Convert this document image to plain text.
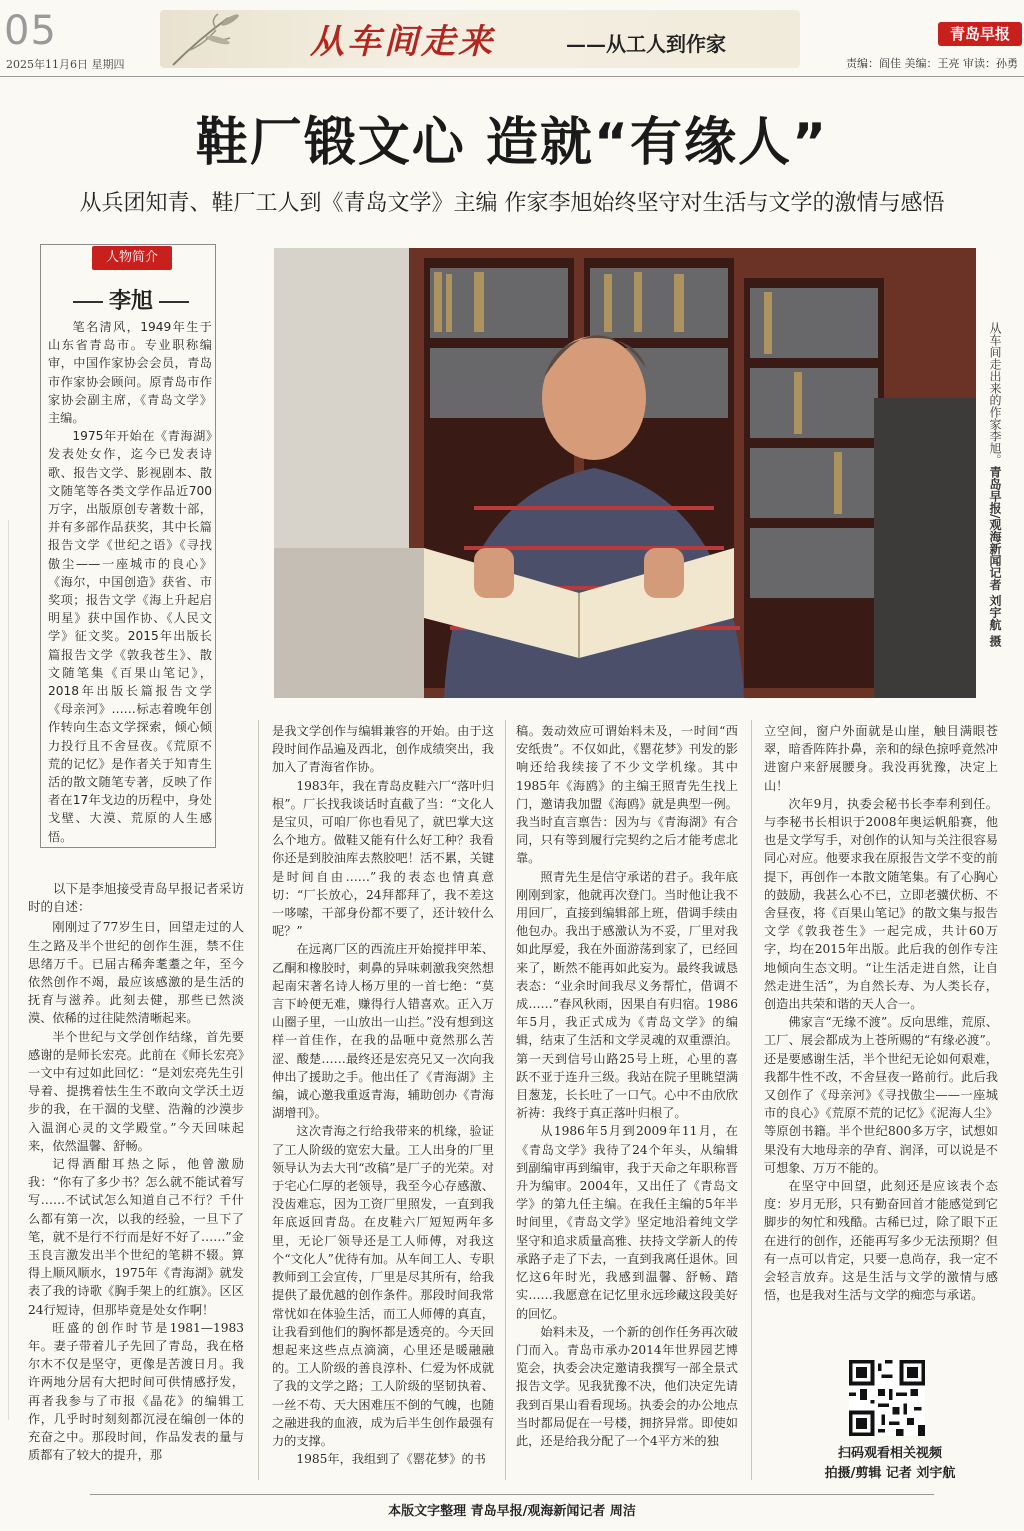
05
2025年11月6日 星期四
从车间走来	——从工人到作家	青岛早报
责编：阎佳 美编：王亮 审读：孙勇
鞋厂锻文心 造就“有缘人”
从兵团知青、鞋厂工人到《青岛文学》主编 作家李旭始终坚守对生活与文学的激情与感悟
人物简介
李旭

笔名清风，1949年生于山东省青岛市。专业职称编审，中国作家协会会员，青岛市作家协会顾问。原青岛市作家协会副主席，《青岛文学》主编。

1975年开始在《青海湖》发表处女作，迄今已发表诗歌、报告文学、影视剧本、散文随笔等各类文学作品近700万字，出版原创专著数十部，并有多部作品获奖，其中长篇报告文学《世纪之语》《寻找傲尘——一座城市的良心》《海尔，中国创造》获省、市奖项；报告文学《海上升起启明星》获中国作协、《人民文学》征文奖。2015年出版长篇报告文学《敦我苍生》、散文随笔集《百果山笔记》，2018年出版长篇报告文学《母亲河》……标志着晚年创作转向生态文学探索，倾心倾力投行且不舍昼夜。《荒原不荒的记忆》是作者关于知青生活的散文随笔专著，反映了作者在17年戈边的历程中，身处戈壁、大漠、荒原的人生感悟。

从车间走出来的作家李旭。青岛早报/观海新闻记者 刘宇航 摄

以下是李旭接受青岛早报记者采访时的自述：

刚刚过了77岁生日，回望走过的人生之路及半个世纪的创作生涯，禁不住思绪万千。已届古稀奔耄耋之年，至今依然创作不竭，最应该感激的是生活的抚育与滋养。此刻去健，那些已然淡漠、依稀的过往陡然清晰起来。

半个世纪与文学创作结缘，首先要感谢的是师长宏亮。此前在《师长宏亮》一文中有过如此回忆：“是刘宏亮先生引导着、提携着怯生生不敢向文学沃土迈步的我，在干涸的戈壁、浩瀚的沙漠步入温润心灵的文学殿堂。”今天回味起来，依然温馨、舒畅。

记得酒酣耳热之际，他曾激励我：“你有了多少书？怎么就不能试着写写……不试试怎么知道自己不行？千什么都有第一次，以我的经验，一旦下了笔，就不是行不行而是好不好了……”金玉良言激发出半个世纪的笔耕不辍。算得上顺风顺水，1975年《青海湖》就发表了我的诗歌《胸手架上的红旗》。区区24行短诗，但那毕竟是处女作啊！

旺盛的创作时节是1981—1983年。妻子带着儿子先回了青岛，我在格尔木不仅是坚守，更像是苦渡日月。我许两地分居有大把时间可供情感抒发，再者我参与了市报《晶花》的编辑工作，几乎时时刻刻都沉浸在编创一体的充奋之中。那段时间，作品发表的量与质都有了较大的提升，那

是我文学创作与编辑兼容的开始。由于这段时间作品遍及西北，创作成绩突出，我加入了青海省作协。

1983年，我在青岛皮鞋六厂“落叶归根”。厂长找我谈话时直截了当：“文化人是宝贝，可咱厂你也看见了，就巴掌大这么个地方。做鞋又能有什么好工种？我看你还是到胶油库去熬胶吧！活不累，关键是时间自由……”我的表态也情真意切：“厂长放心，24拜都拜了，我不差这一哆嗦，干部身份都不要了，还计较什么呢？”

在远离厂区的西流庄开始搅拌甲苯、乙酮和橡胶时，刺鼻的异味刺激我突然想起南宋著名诗人杨万里的一首七绝：“莫言下岭便无难，赚得行人错喜欢。正入万山圈子里，一山放出一山拦。”没有想到这样一首佳作，在我的品咂中竟然那么苦涩、酸楚……最终还是宏亮兄又一次向我伸出了援助之手。他出任了《青海湖》主编，诚心邀我重返青海，辅助创办《青海湖增刊》。

这次青海之行给我带来的机缘，验证了工人阶级的宽宏大量。工人出身的厂里领导认为去大刊“改稿”是厂子的光荣。对于宅心仁厚的老领导，我至今心存感激、没齿难忘，因为工资厂里照发，一直到我年底返回青岛。在皮鞋六厂短短两年多里，无论厂领导还是工人师傅，对我这个“文化人”优待有加。从车间工人、专职教师到工会宣传，厂里是尽其所有，给我提供了最优越的创作条件。那段时间我常常忧如在体验生活，而工人师傅的真直，让我看到他们的胸怀都是透亮的。今天回想起来这些点点滴滴，心里还是暖融融的。工人阶级的善良淳朴、仁爱为怀成就了我的文学之路；工人阶级的坚韧执着、一丝不苟、天大困难压不倒的气魄，也随之融进我的血液，成为后半生创作最强有力的支撑。

1985年，我组到了《罂花梦》的书

稿。轰动效应可谓始料未及，一时间“西安纸贵”。不仅如此，《罂花梦》刊发的影响还给我续接了不少文学机缘。其中1985年《海鸥》的主编王照青先生找上门，邀请我加盟《海鸥》就是典型一例。我当时直言禀告：因为与《青海湖》有合同，只有等到履行完契约之后才能考虑北靠。

照青先生是信守承诺的君子。我年底刚刚到家，他就再次登门。当时他让我不用回厂，直接到编辑部上班，借调手续由他包办。我出于感激认为不妥，厂里对我如此厚爱，我在外面游荡到家了，已经回来了，断然不能再如此妄为。最终我诚恳表态：“业余时间我尽义务帮忙，借调不成……”春风秋雨，因果自有归宿。1986年5月，我正式成为《青岛文学》的编辑，结束了生活和文学灵魂的双重漂泊。第一天到信号山路25号上班，心里的喜跃不亚于连升三级。我站在院子里眺望满目葱茏，长长吐了一口气。心中不由欣欣祈祷：我终于真正落叶归根了。

从1986年5月到2009年11月，在《青岛文学》我待了24个年头，从编辑到副编审再到编审，我于天命之年职称晋升为编审。2004年，又出任了《青岛文学》的第九任主编。在我任主编的5年半时间里，《青岛文学》坚定地沿着纯文学坚守和追求质量高雅、扶持文学新人的传承路子走了下去，一直到我离任退休。回忆这6年时光，我感到温馨、舒畅、踏实……我愿意在记忆里永远珍藏这段美好的回忆。

始料未及，一个新的创作任务再次破门而入。青岛市承办2014年世界园艺博览会，执委会决定邀请我撰写一部全景式报告文学。见我犹豫不决，他们决定先请我到百果山看看现场。执委会的办公地点当时都局促在一号楼，拥挤异常。即使如此，还是给我分配了一个4平方米的独

立空间，窗户外面就是山崖，触目满眼苍翠，暗香阵阵扑鼻，亲和的绿色掠呼竟然冲进窗户来舒展腰身。我没再犹豫，决定上山！

次年9月，执委会秘书长李奉利到任。与李秘书长相识于2008年奥运帆船赛，他也是文学写手，对创作的认知与关注很容易同心对应。他要求我在原报告文学不变的前提下，再创作一本散文随笔集。有了心胸心的鼓励，我甚么心不已，立即老骥伏枥、不舍昼夜，将《百果山笔记》的散文集与报告文学《敦我苍生》一起完成，共计60万字，均在2015年出版。此后我的创作专注地倾向生态文明。“让生活走进自然，让自然走进生活”，为自然长寿、为人类长存，创造出共荣和谐的天人合一。

佛家言“无缘不渡”。反向思维，荒原、工厂、展会都成为上苍所赐的“有缘必渡”。还是要感谢生活，半个世纪无论如何艰难，我都牛性不改，不舍昼夜一路前行。此后我又创作了《母亲河》《寻找傲尘——一座城市的良心》《荒原不荒的记忆》《泥海人尘》等原创书籍。半个世纪800多万字，试想如果没有大地母亲的孕育、润泽，可以说是不可想象、万万不能的。

在坚守中回望，此刻还是应该表个态度：岁月无形，只有勤奋回首才能感觉到它脚步的匆忙和残酷。古稀已过，除了眼下正在进行的创作，还能再写多少无法预期？但有一点可以肯定，只要一息尚存，我一定不会轻言放弃。这是生活与文学的激情与感悟，也是我对生活与文学的痴恋与承诺。

扫码观看相关视频
拍摄/剪辑 记者 刘宇航
本版文字整理 青岛早报/观海新闻记者 周洁
